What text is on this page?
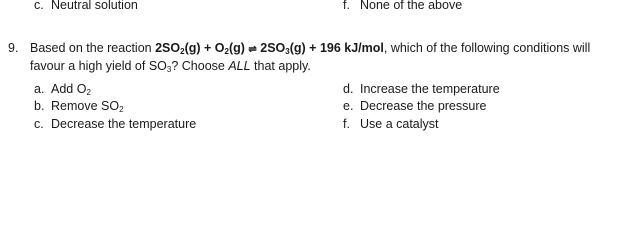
c. Neutral solution	f. None of the above
9. Based on the reaction $2SO_2(g) + O_2(g)$ ⇌ $2SO_3(g) + 196$ kJ/mol, which of the following conditions will
favour a high yield of $SO_3$? Choose ALL that apply.
a. Add $O_2$
b. Remove $SO_2$
c. Decrease the temperature
d. Increase the temperature
e. Decrease the pressure
f. Use a catalyst
